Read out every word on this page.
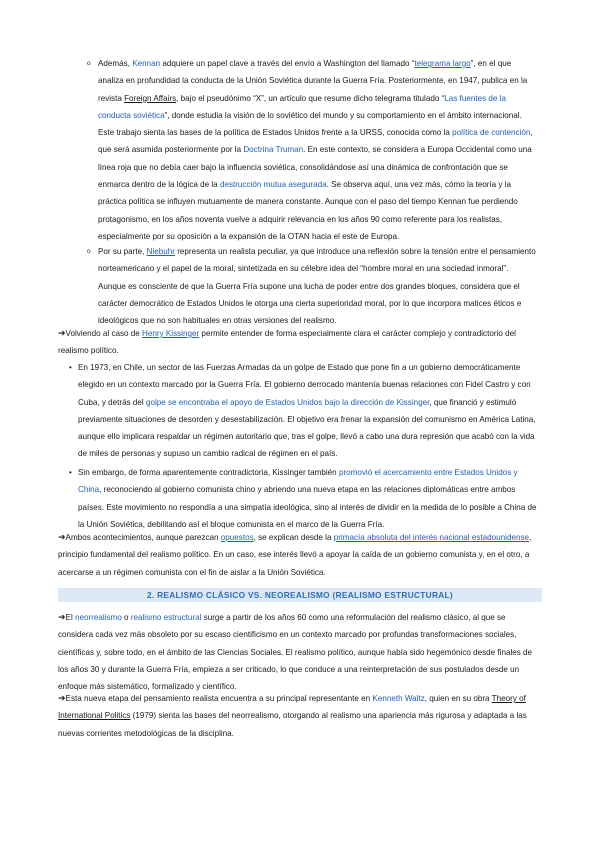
o Además, Kennan adquiere un papel clave a través del envío a Washington del llamado “telegrama largo”, en el que analiza en profundidad la conducta de la Unión Soviética durante la Guerra Fría. Posteriormente, en 1947, publica en la revista Foreign Affairs, bajo el pseudónimo “X”, un artículo que resume dicho telegrama titulado “Las fuentes de la conducta soviética”, donde estudia la visión de lo soviético del mundo y su comportamiento en el ámbito internacional. Este trabajo sienta las bases de la política de Estados Unidos frente a la URSS, conocida como la política de contención, que será asumida posteriormente por la Doctrina Truman. En este contexto, se considera a Europa Occidental como una línea roja que no debía caer bajo la influencia soviética, consolidándose así una dinámica de confrontación que se enmarca dentro de la lógica de la destrucción mutua asegurada. Se observa aquí, una vez más, cómo la teoría y la práctica política se influyen mutuamente de manera constante. Aunque con el paso del tiempo Kennan fue perdiendo protagonismo, en los años noventa vuelve a adquirir relevancia en los años 90 como referente para los realistas, especialmente por su oposición a la expansión de la OTAN hacia el este de Europa.

o Por su parte, Niebuhr representa un realista peculiar, ya que introduce una reflexión sobre la tensión entre el pensamiento norteamericano y el papel de la moral, sintetizada en su célebre idea del “hombre moral en una sociedad inmoral”. Aunque es consciente de que la Guerra Fría supone una lucha de poder entre dos grandes bloques, considera que el carácter democrático de Estados Unidos le otorga una cierta superioridad moral, por lo que incorpora matices éticos e ideológicos que no son habituales en otras versiones del realismo.

➔Volviendo al caso de Henry Kissinger permite entender de forma especialmente clara el carácter complejo y contradictorio del realismo político.

• En 1973, en Chile, un sector de las Fuerzas Armadas da un golpe de Estado que pone fin a un gobierno democráticamente elegido en un contexto marcado por la Guerra Fría. El gobierno derrocado mantenía buenas relaciones con Fidel Castro y con Cuba, y detrás del golpe se encontraba el apoyo de Estados Unidos bajo la dirección de Kissinger, que financió y estimuló previamente situaciones de desorden y desestabilización. El objetivo era frenar la expansión del comunismo en América Latina, aunque ello implicara respaldar un régimen autoritario que, tras el golpe, llevó a cabo una dura represión que acabó con la vida de miles de personas y supuso un cambio radical de régimen en el país.

• Sin embargo, de forma aparentemente contradictoria, Kissinger también promovió el acercamiento entre Estados Unidos y China, reconociendo al gobierno comunista chino y abriendo una nueva etapa en las relaciones diplomáticas entre ambos países. Este movimiento no respondía a una simpatía ideológica, sino al interés de dividir en la medida de lo posible a China de la Unión Soviética, debilitando así el bloque comunista en el marco de la Guerra Fría.

➔Ambos acontecimientos, aunque parezcan opuestos, se explican desde la primacía absoluta del interés nacional estadounidense, principio fundamental del realismo político. En un caso, ese interés llevó a apoyar la caída de un gobierno comunista y, en el otro, a acercarse a un régimen comunista con el fin de aislar a la Unión Soviética.

2. REALISMO CLÁSICO VS. NEOREALISMO (REALISMO ESTRUCTURAL)

➔El neorrealismo o realismo estructural surge a partir de los años 60 como una reformulación del realismo clásico, al que se considera cada vez más obsoleto por su escaso cientificismo en un contexto marcado por profundas transformaciones sociales, científicas y, sobre todo, en el ámbito de las Ciencias Sociales. El realismo político, aunque había sido hegemónico desde finales de los años 30 y durante la Guerra Fría, empieza a ser criticado, lo que conduce a una reinterpretación de sus postulados desde un enfoque más sistemático, formalizado y científico.

➔Esta nueva etapa del pensamiento realista encuentra a su principal representante en Kenneth Waltz, quien en su obra Theory of International Politics (1979) sienta las bases del neorrealismo, otorgando al realismo una apariencia más rigurosa y adaptada a las nuevas corrientes metodológicas de la disciplina.
